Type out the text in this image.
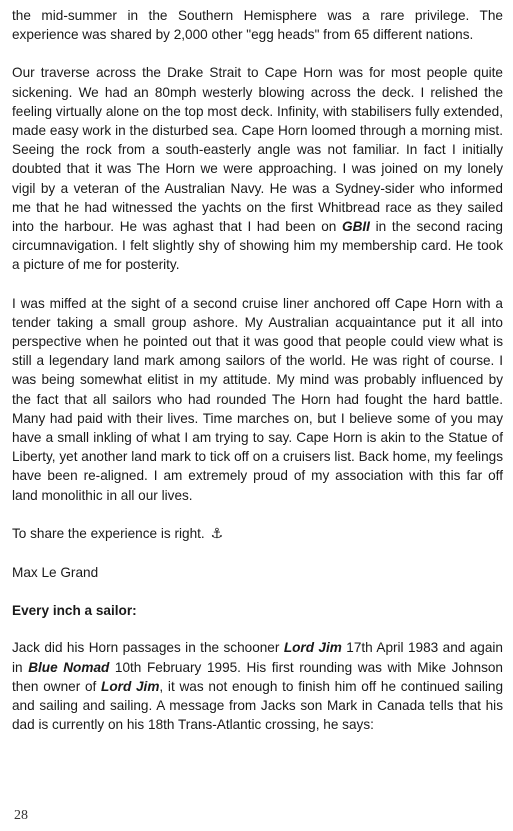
the mid-summer in the Southern Hemisphere was a rare privilege. The experience was shared by 2,000 other "egg heads" from 65 different nations.

Our traverse across the Drake Strait to Cape Horn was for most people quite sickening. We had an 80mph westerly blowing across the deck. I relished the feeling virtually alone on the top most deck. Infinity, with stabilisers fully extended, made easy work in the disturbed sea. Cape Horn loomed through a morning mist. Seeing the rock from a south-easterly angle was not familiar. In fact I initially doubted that it was The Horn we were approaching. I was joined on my lonely vigil by a veteran of the Australian Navy. He was a Sydney-sider who informed me that he had witnessed the yachts on the first Whitbread race as they sailed into the harbour. He was aghast that I had been on GBII in the second racing circumnavigation. I felt slightly shy of showing him my membership card. He took a picture of me for posterity.

I was miffed at the sight of a second cruise liner anchored off Cape Horn with a tender taking a small group ashore. My Australian acquaintance put it all into perspective when he pointed out that it was good that people could view what is still a legendary land mark among sailors of the world. He was right of course. I was being somewhat elitist in my attitude. My mind was probably influenced by the fact that all sailors who had rounded The Horn had fought the hard battle. Many had paid with their lives. Time marches on, but I believe some of you may have a small inkling of what I am trying to say. Cape Horn is akin to the Statue of Liberty, yet another land mark to tick off on a cruisers list. Back home, my feelings have been re-aligned. I am extremely proud of my association with this far off land monolithic in all our lives.

To share the experience is right. ⚓

Max Le Grand

Every inch a sailor:

Jack did his Horn passages in the schooner Lord Jim 17th April 1983 and again in Blue Nomad 10th February 1995. His first rounding was with Mike Johnson then owner of Lord Jim, it was not enough to finish him off he continued sailing and sailing and sailing. A message from Jacks son Mark in Canada tells that his dad is currently on his 18th Trans-Atlantic crossing, he says:

28
